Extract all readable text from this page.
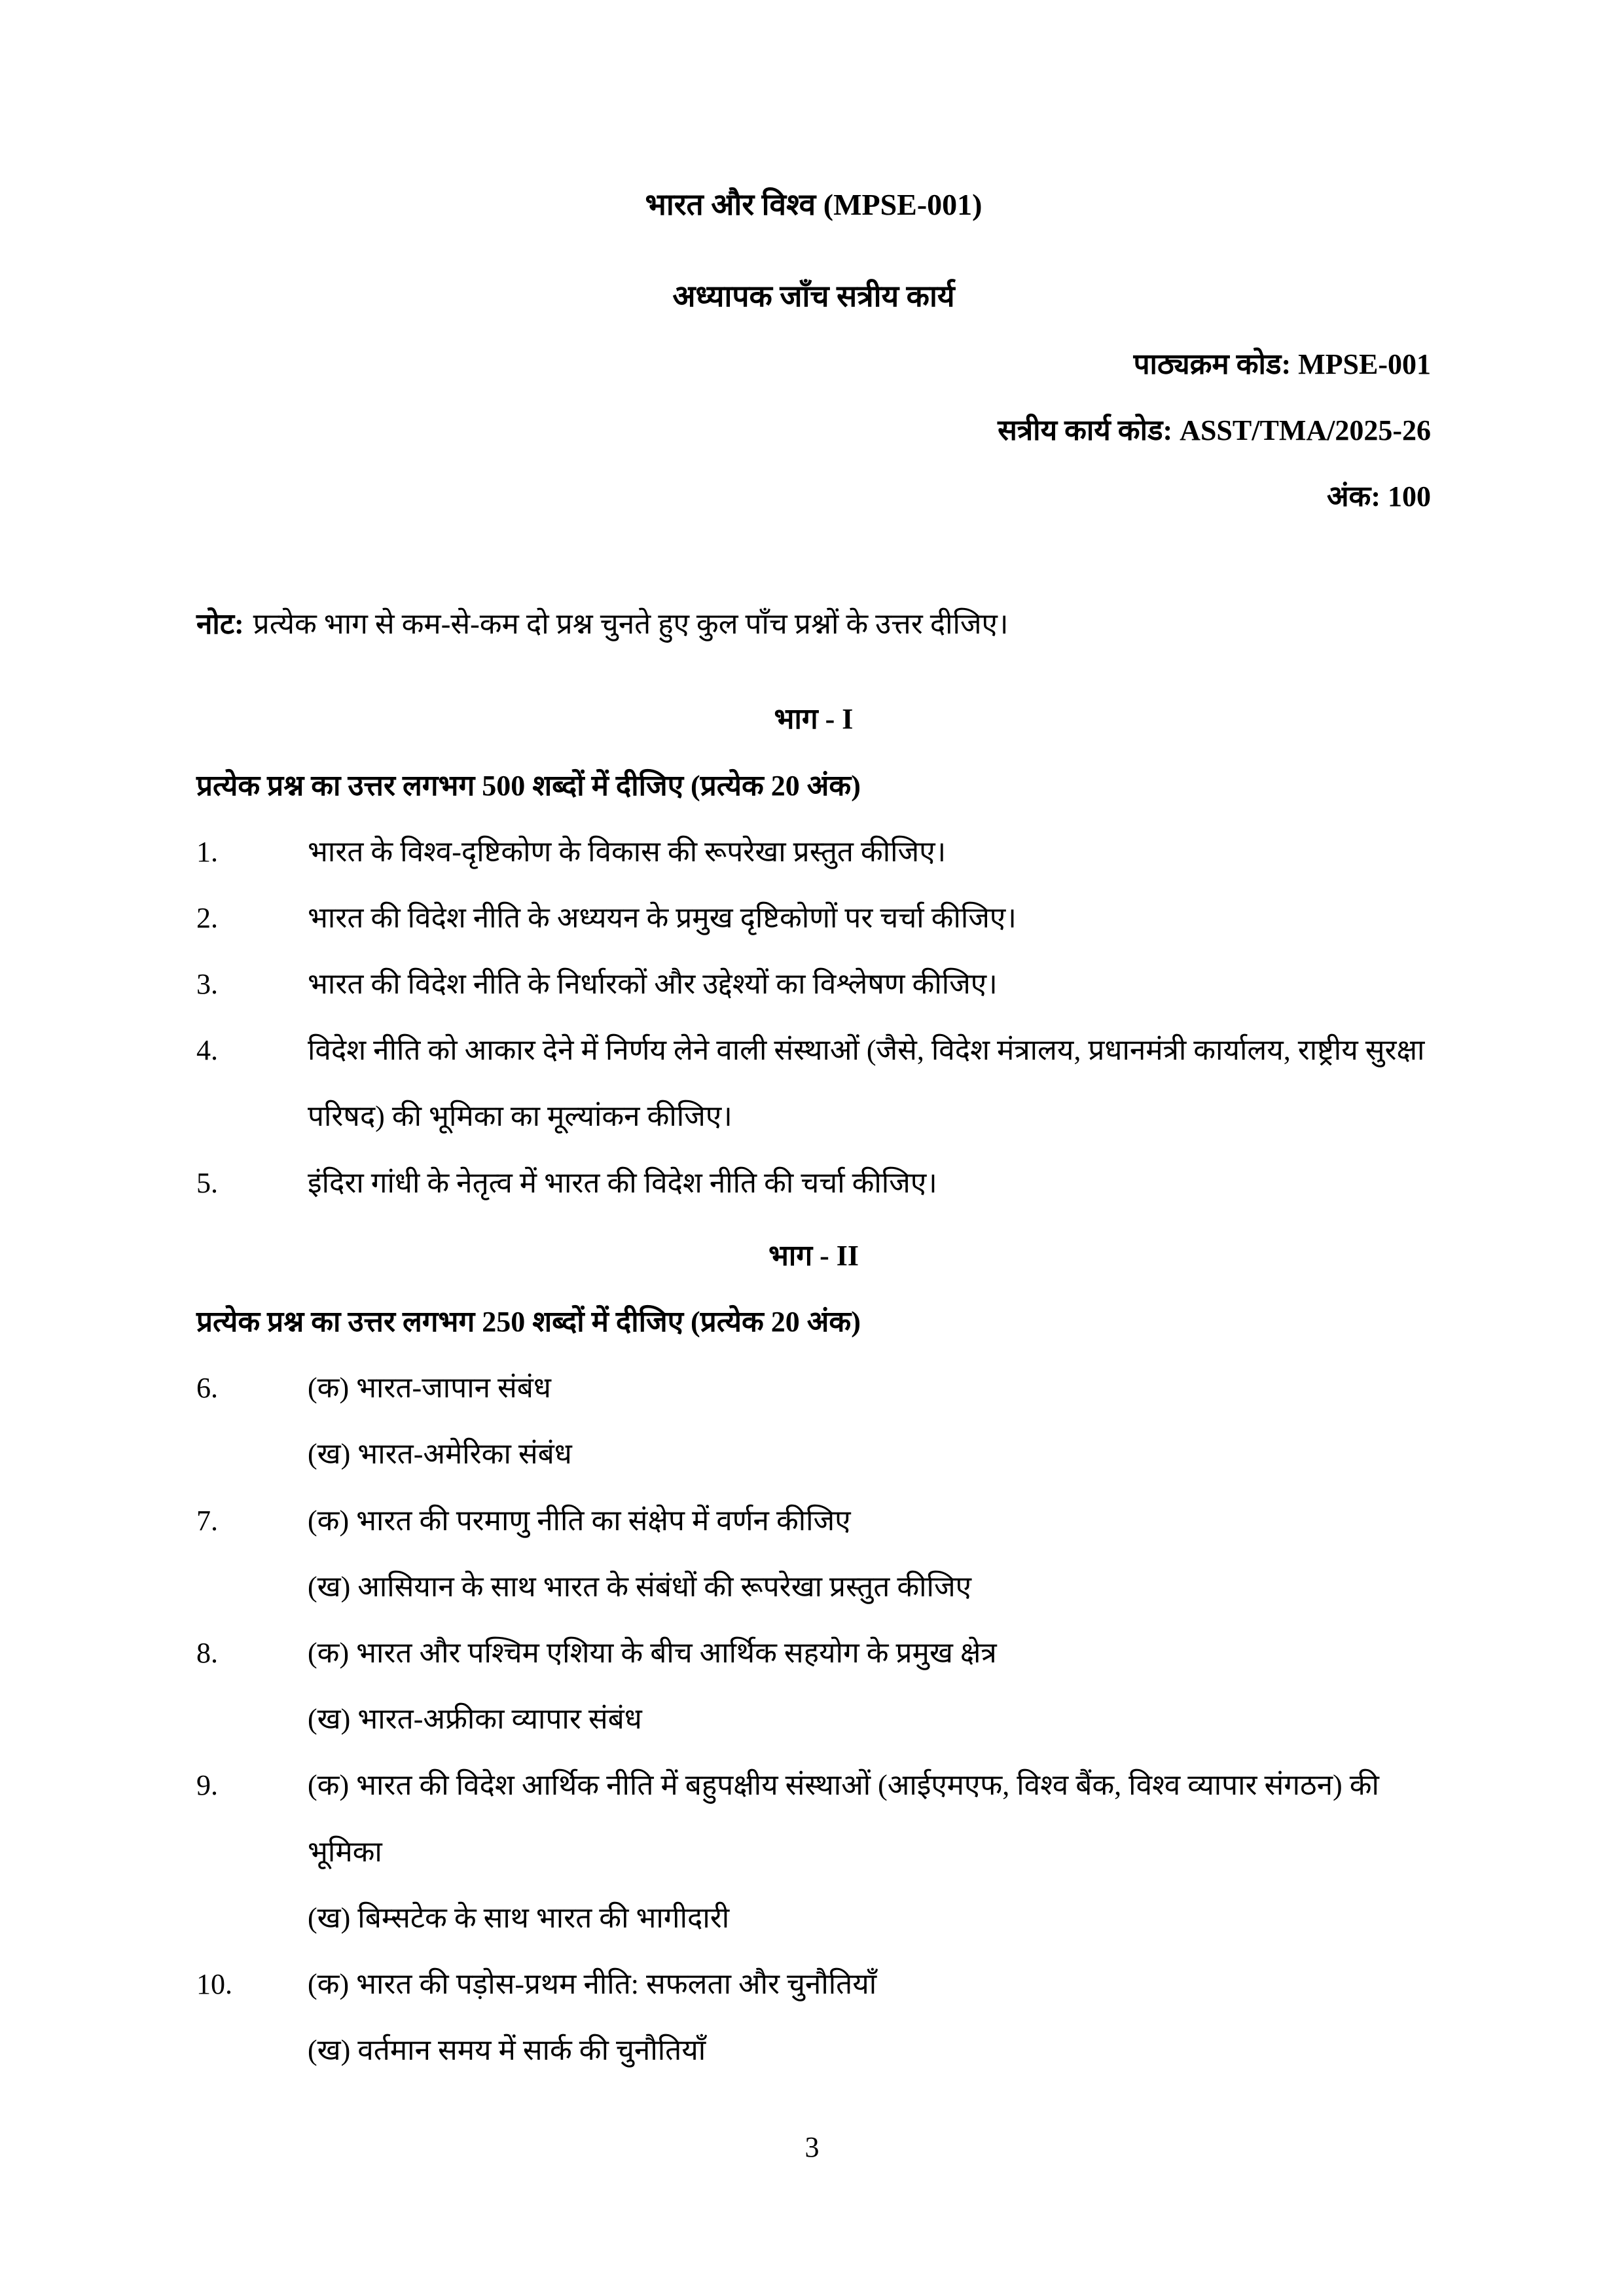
भारत और विश्व (MPSE-001)
अध्यापक जाँच सत्रीय कार्य
पाठ्यक्रम कोड: MPSE-001
सत्रीय कार्य कोड: ASST/TMA/2025-26
अंक: 100

नोट: प्रत्येक भाग से कम-से-कम दो प्रश्न चुनते हुए कुल पाँच प्रश्नों के उत्तर दीजिए।

भाग - I
प्रत्येक प्रश्न का उत्तर लगभग 500 शब्दों में दीजिए (प्रत्येक 20 अंक)
1.	भारत के विश्व-दृष्टिकोण के विकास की रूपरेखा प्रस्तुत कीजिए।
2.	भारत की विदेश नीति के अध्ययन के प्रमुख दृष्टिकोणों पर चर्चा कीजिए।
3.	भारत की विदेश नीति के निर्धारकों और उद्देश्यों का विश्लेषण कीजिए।
4.	विदेश नीति को आकार देने में निर्णय लेने वाली संस्थाओं (जैसे, विदेश मंत्रालय, प्रधानमंत्री कार्यालय, राष्ट्रीय सुरक्षा परिषद) की भूमिका का मूल्यांकन कीजिए।
5.	इंदिरा गांधी के नेतृत्व में भारत की विदेश नीति की चर्चा कीजिए।
भाग - II
प्रत्येक प्रश्न का उत्तर लगभग 250 शब्दों में दीजिए (प्रत्येक 20 अंक)
6.	(क) भारत-जापान संबंध
(ख) भारत-अमेरिका संबंध
7.	(क) भारत की परमाणु नीति का संक्षेप में वर्णन कीजिए
(ख) आसियान के साथ भारत के संबंधों की रूपरेखा प्रस्तुत कीजिए
8.	(क) भारत और पश्चिम एशिया के बीच आर्थिक सहयोग के प्रमुख क्षेत्र
(ख) भारत-अफ्रीका व्यापार संबंध
9.	(क) भारत की विदेश आर्थिक नीति में बहुपक्षीय संस्थाओं (आईएमएफ, विश्व बैंक, विश्व व्यापार संगठन) की भूमिका
(ख) बिम्सटेक के साथ भारत की भागीदारी
10.	(क) भारत की पड़ोस-प्रथम नीति: सफलता और चुनौतियाँ
(ख) वर्तमान समय में सार्क की चुनौतियाँ
3
